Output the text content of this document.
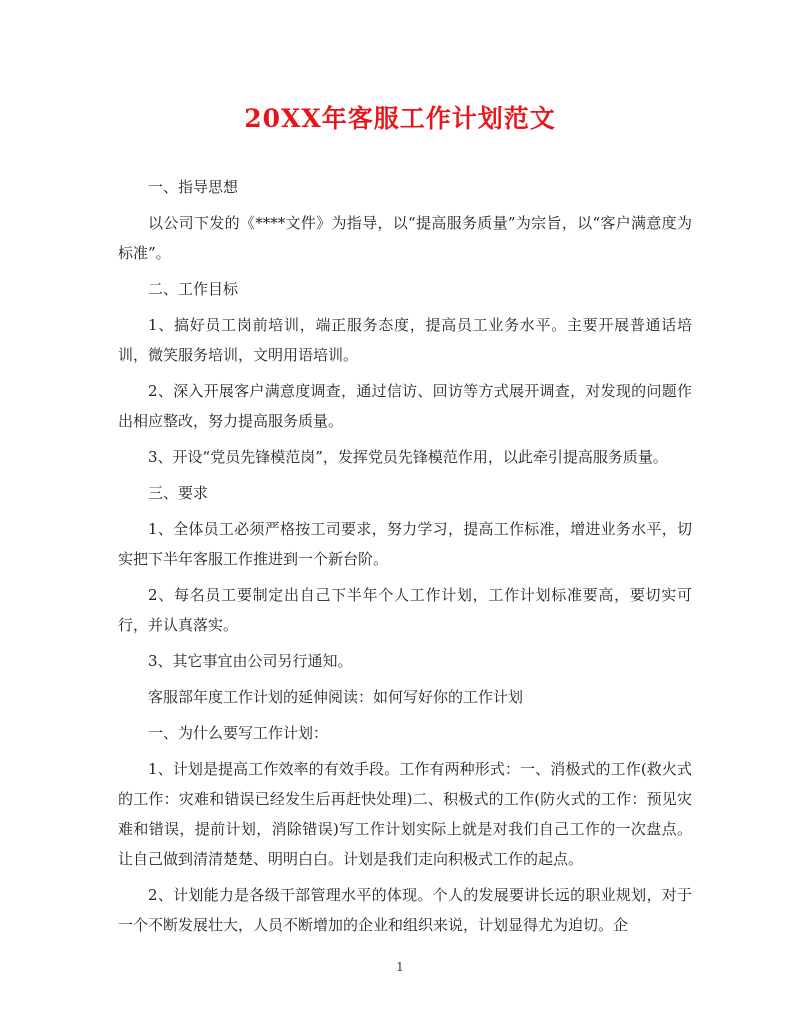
20XX年客服工作计划范文

一、指导思想

以公司下发的《****文件》为指导，以“提高服务质量”为宗旨，以“客户满意度为标准”。

二、工作目标

1、搞好员工岗前培训，端正服务态度，提高员工业务水平。主要开展普通话培训，微笑服务培训，文明用语培训。

2、深入开展客户满意度调查，通过信访、回访等方式展开调查，对发现的问题作出相应整改，努力提高服务质量。

3、开设“党员先锋模范岗”，发挥党员先锋模范作用，以此牵引提高服务质量。

三、要求

1、全体员工必须严格按工司要求，努力学习，提高工作标准，增进业务水平，切实把下半年客服工作推进到一个新台阶。

2、每名员工要制定出自己下半年个人工作计划，工作计划标准要高，要切实可行，并认真落实。

3、其它事宜由公司另行通知。

客服部年度工作计划的延伸阅读：如何写好你的工作计划

一、为什么要写工作计划：

1、计划是提高工作效率的有效手段。工作有两种形式：一、消极式的工作(救火式的工作：灾难和错误已经发生后再赶快处理)二、积极式的工作(防火式的工作：预见灾难和错误，提前计划，消除错误)写工作计划实际上就是对我们自己工作的一次盘点。让自己做到清清楚楚、明明白白。计划是我们走向积极式工作的起点。

2、计划能力是各级干部管理水平的体现。个人的发展要讲长远的职业规划，对于一个不断发展壮大，人员不断增加的企业和组织来说，计划显得尤为迫切。企

1
